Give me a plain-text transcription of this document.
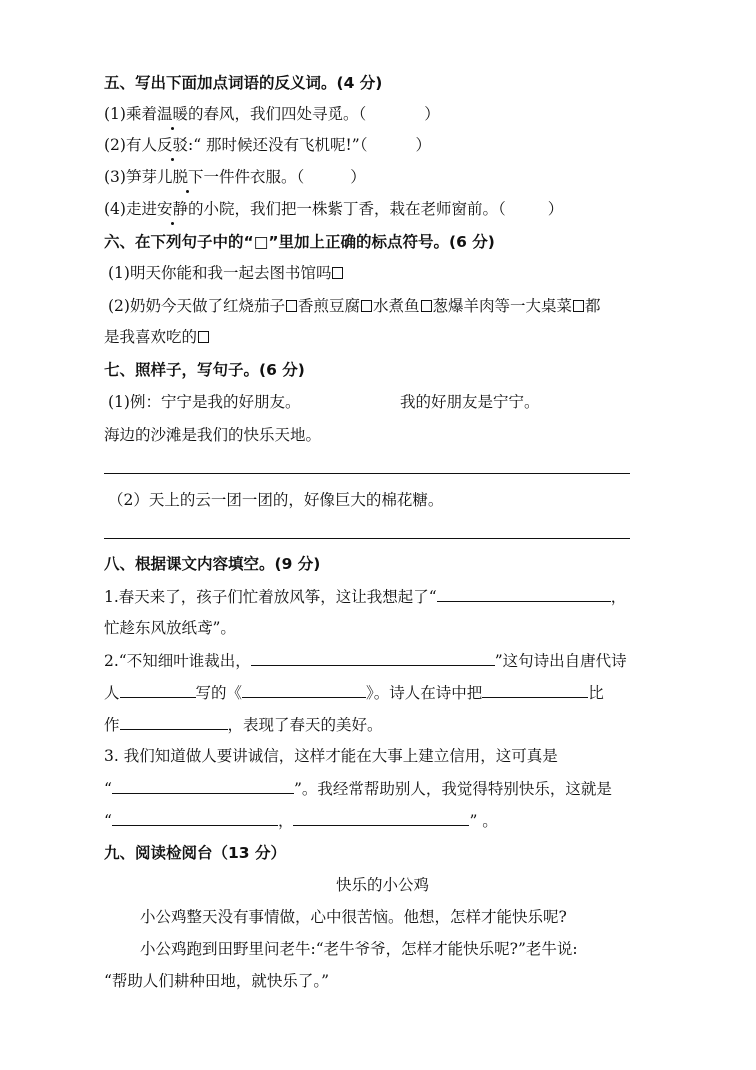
五、写出下面加点词语的反义词。(4 分)
(1)乘着温暖的春风，我们四处寻觅。（	）
(2)有人反驳:“ 那时候还没有飞机呢!”（	）
(3)笋芽儿脱下一件件衣服。（	）
(4)走进安静的小院，我们把一株紫丁香，栽在老师窗前。（	）
六、在下列句子中的“□”里加上正确的标点符号。(6 分)
(1)明天你能和我一起去图书馆吗
(2)奶奶今天做了红烧茄子 香煎豆腐 水煮鱼 葱爆羊肉等一大桌菜 都
是我喜欢吃的
七、照样子，写句子。(6 分)
(1)例：宁宁是我的好朋友。	我的好朋友是宁宁。
海边的沙滩是我们的快乐天地。
（2）天上的云一团一团的，好像巨大的棉花糖。
八、根据课文内容填空。(9 分)
1.春天来了，孩子们忙着放风筝，这让我想起了“	，
忙趁东风放纸鸢”。
2.“不知细叶谁裁出，	”这句诗出自唐代诗
人	写的《	》。诗人在诗中把	比
作	，表现了春天的美好。
3. 我们知道做人要讲诚信，这样才能在大事上建立信用，这可真是
“	”。我经常帮助别人，我觉得特别快乐，这就是
“	，	” 。
九、阅读检阅台（13 分）
快乐的小公鸡
小公鸡整天没有事情做，心中很苦恼。他想，怎样才能快乐呢?
小公鸡跑到田野里问老牛:“老牛爷爷，怎样才能快乐呢?”老牛说:
“帮助人们耕种田地，就快乐了。”
